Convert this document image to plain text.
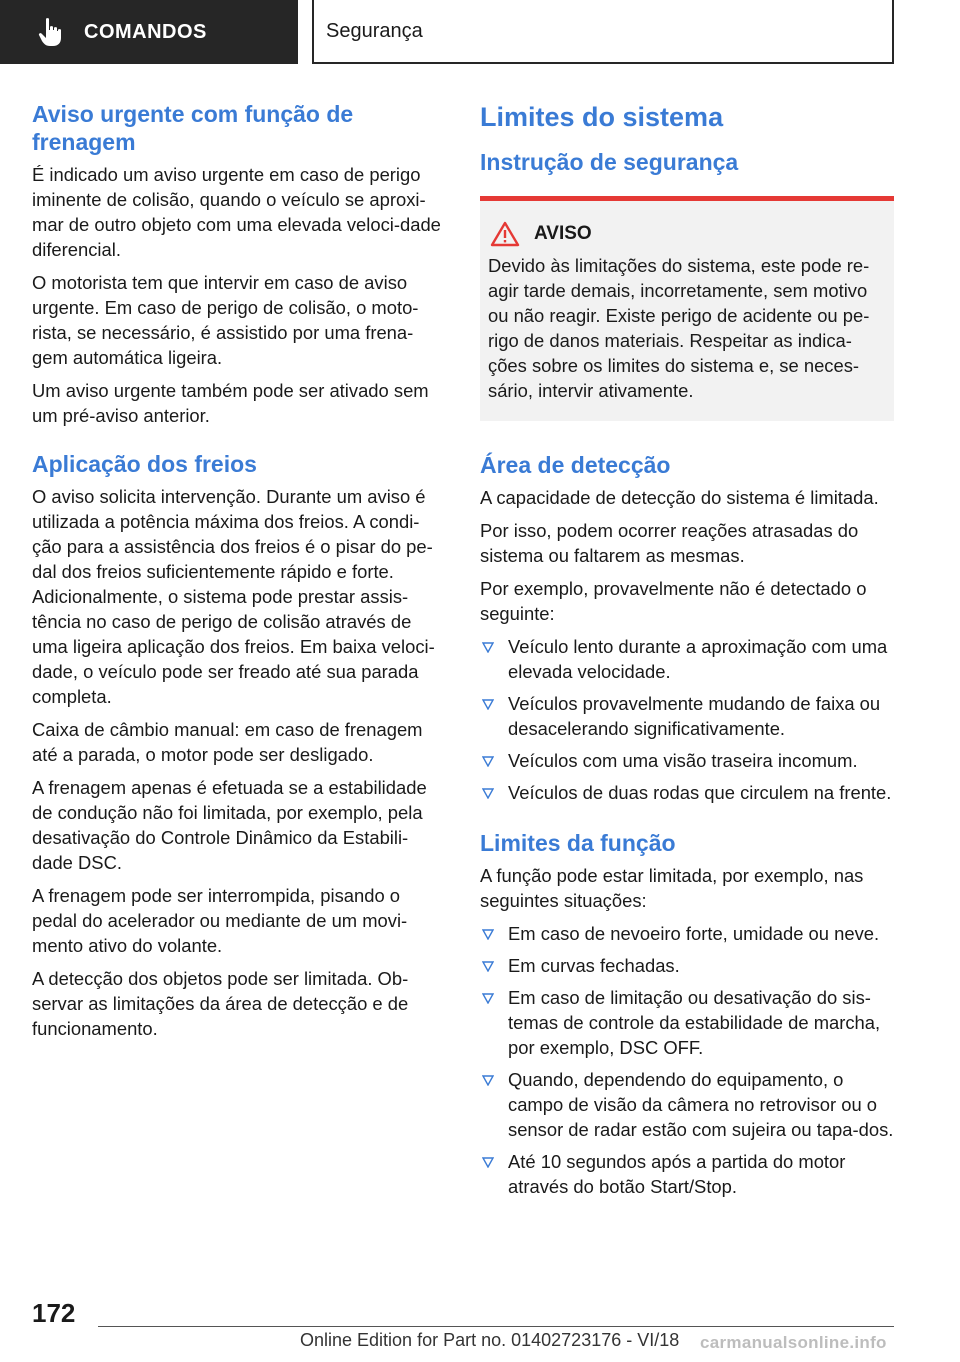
COMANDOS	Segurança
Aviso urgente com função de frenagem

É indicado um aviso urgente em caso de perigo iminente de colisão, quando o veículo se aproxi-mar de outro objeto com uma elevada veloci-dade diferencial.

O motorista tem que intervir em caso de aviso urgente. Em caso de perigo de colisão, o moto-rista, se necessário, é assistido por uma frena-gem automática ligeira.

Um aviso urgente também pode ser ativado sem um pré-aviso anterior.

Aplicação dos freios

O aviso solicita intervenção. Durante um aviso é utilizada a potência máxima dos freios. A condi-ção para a assistência dos freios é o pisar do pe-dal dos freios suficientemente rápido e forte. Adicionalmente, o sistema pode prestar assis-tência no caso de perigo de colisão através de uma ligeira aplicação dos freios. Em baixa veloci-dade, o veículo pode ser freado até sua parada completa.

Caixa de câmbio manual: em caso de frenagem até a parada, o motor pode ser desligado.

A frenagem apenas é efetuada se a estabilidade de condução não foi limitada, por exemplo, pela desativação do Controle Dinâmico da Estabili-dade DSC.

A frenagem pode ser interrompida, pisando o pedal do acelerador ou mediante de um movi-mento ativo do volante.

A detecção dos objetos pode ser limitada. Ob-servar as limitações da área de detecção e de funcionamento.

Limites do sistema
Instrução de segurança
AVISO

Devido às limitações do sistema, este pode re-agir tarde demais, incorretamente, sem motivo ou não reagir. Existe perigo de acidente ou pe-rigo de danos materiais. Respeitar as indica-ções sobre os limites do sistema e, se neces-sário, intervir ativamente.

Área de detecção

A capacidade de detecção do sistema é limitada.

Por isso, podem ocorrer reações atrasadas do sistema ou faltarem as mesmas.

Por exemplo, provavelmente não é detectado o seguinte:

Veículo lento durante a aproximação com uma elevada velocidade.
Veículos provavelmente mudando de faixa ou desacelerando significativamente.
Veículos com uma visão traseira incomum.
Veículos de duas rodas que circulem na frente.
Limites da função

A função pode estar limitada, por exemplo, nas seguintes situações:

Em caso de nevoeiro forte, umidade ou neve.
Em curvas fechadas.
Em caso de limitação ou desativação do sis-temas de controle da estabilidade de marcha, por exemplo, DSC OFF.
Quando, dependendo do equipamento, o campo de visão da câmera no retrovisor ou o sensor de radar estão com sujeira ou tapa-dos.
Até 10 segundos após a partida do motor através do botão Start/Stop.
172
Online Edition for Part no. 01402723176 - VI/18 carmanualsonline.info
